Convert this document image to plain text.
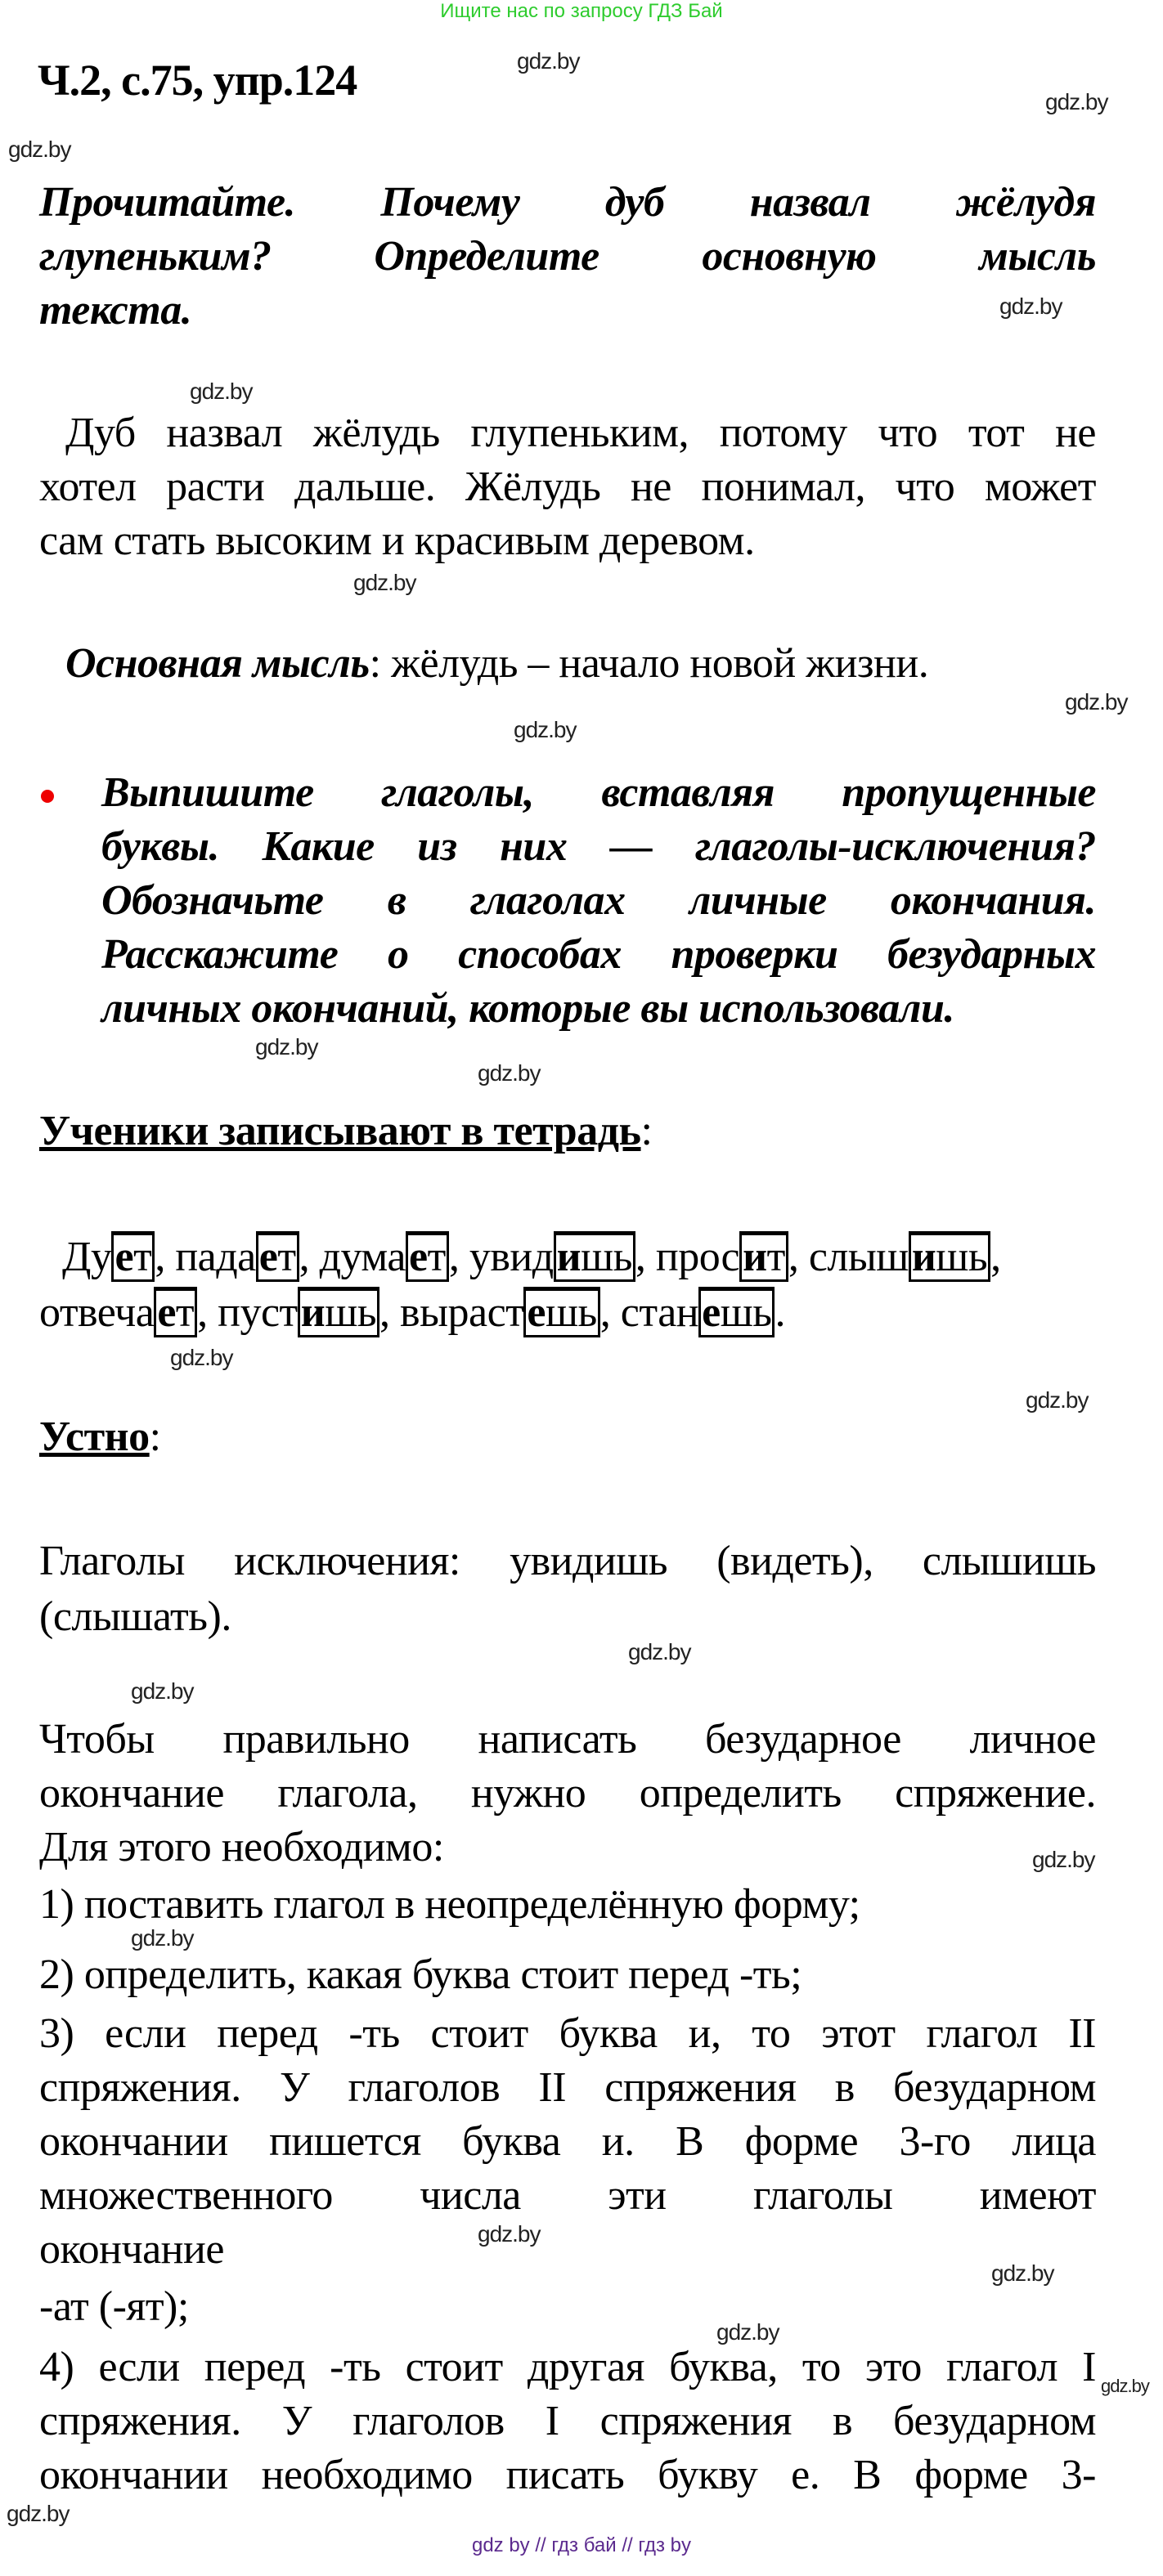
Ищите нас по запросу ГДЗ Бай
Ч.2, с.75, упр.124	gdz.by
gdz.by
gdz.by
gdz.by
gdz.by
gdz.by
gdz.by
gdz.by
gdz.by
gdz.by
gdz.by
gdz.by
gdz.by
gdz.by
gdz.by
gdz.by
gdz.by
gdz.by
gdz.by
gdz.by
gdz.by
Прочитайте. Почему дуб назвал жёлудя
глупеньким? Определите основную мысль
текста.
Дуб назвал жёлудь глупеньким, потому что тот не
хотел расти дальше. Жёлудь не понимал, что может
сам стать высоким и красивым деревом.
Основная мысль: жёлудь – начало новой жизни.
Выпишите глаголы, вставляя пропущенные
буквы. Какие из них — глаголы-исключения?
Обозначьте в глаголах личные окончания.
Расскажите о способах проверки безударных
личных окончаний, которые вы использовали.
Ученики записывают в тетрадь:
Дует, падает, думает, увидишь, просит, слышишь,
отвечает, пустишь, вырастешь, станешь.
Устно:
Глаголы исключения: увидишь (видеть), слышишь
(слышать).
Чтобы правильно написать безударное личное
окончание глагола, нужно определить спряжение.
Для этого необходимо:
1) поставить глагол в неопределённую форму;
2) определить, какая буква стоит перед -ть;
3) если перед -ть стоит буква и, то этот глагол II
спряжения. У глаголов II спряжения в безударном
окончании пишется буква и. В форме 3-го лица
множественного числа эти глаголы имеют
окончание
-ат (-ят);
4) если перед -ть стоит другая буква, то это глагол I
спряжения. У глаголов I спряжения в безударном
окончании необходимо писать букву е. В форме 3-
gdz by // гдз бай // гдз by
